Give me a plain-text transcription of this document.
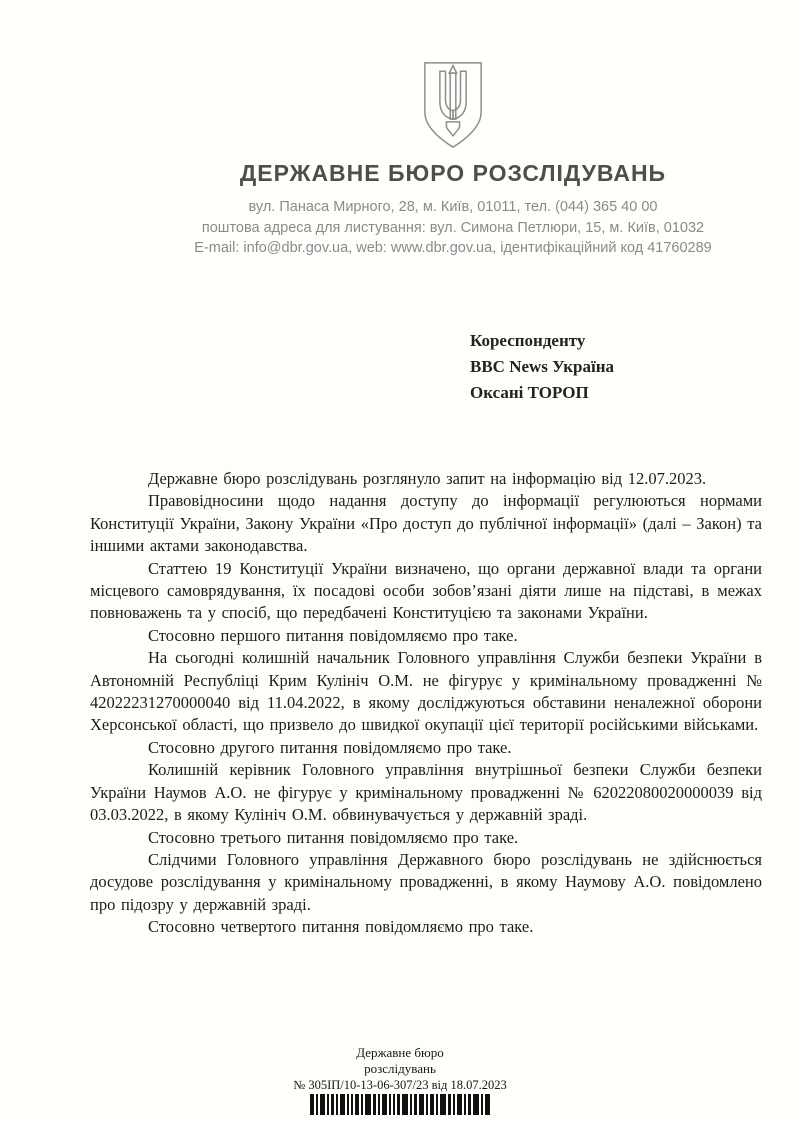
ДЕРЖАВНЕ БЮРО РОЗСЛІДУВАНЬ

вул. Панаса Мирного, 28, м. Київ, 01011, тел. (044) 365 40 00

поштова адреса для листування: вул. Симона Петлюри, 15, м. Київ, 01032

E-mail: info@dbr.gov.ua, web: www.dbr.gov.ua, ідентифікаційний код 41760289

Кореспонденту
BBC News Україна
Оксані ТОРОП

Державне бюро розслідувань розглянуло запит на інформацію від 12.07.2023.

Правовідносини щодо надання доступу до інформації регулюються нормами Конституції України, Закону України «Про доступ до публічної інформації» (далі – Закон) та іншими актами законодавства.

Статтею 19 Конституції України визначено, що органи державної влади та органи місцевого самоврядування, їх посадові особи зобов’язані діяти лише на підставі, в межах повноважень та у спосіб, що передбачені Конституцією та законами України.

Стосовно першого питання повідомляємо про таке.

На сьогодні колишній начальник Головного управління Служби безпеки України в Автономній Республіці Крим Кулініч О.М. не фігурує у кримінальному провадженні № 42022231270000040 від 11.04.2022, в якому досліджуються обставини неналежної оборони Херсонської області, що призвело до швидкої окупації цієї території російськими військами.

Стосовно другого питання повідомляємо про таке.

Колишній керівник Головного управління внутрішньої безпеки Служби безпеки України Наумов А.О. не фігурує у кримінальному провадженні № 62022080020000039 від 03.03.2022, в якому Кулініч О.М. обвинувачується у державній зраді.

Стосовно третього питання повідомляємо про таке.

Слідчими Головного управління Державного бюро розслідувань не здійснюється досудове розслідування у кримінальному провадженні, в якому Наумову А.О. повідомлено про підозру у державній зраді.

Стосовно четвертого питання повідомляємо про таке.

Державне бюро

розслідувань

№ 305ІП/10-13-06-307/23 від 18.07.2023
